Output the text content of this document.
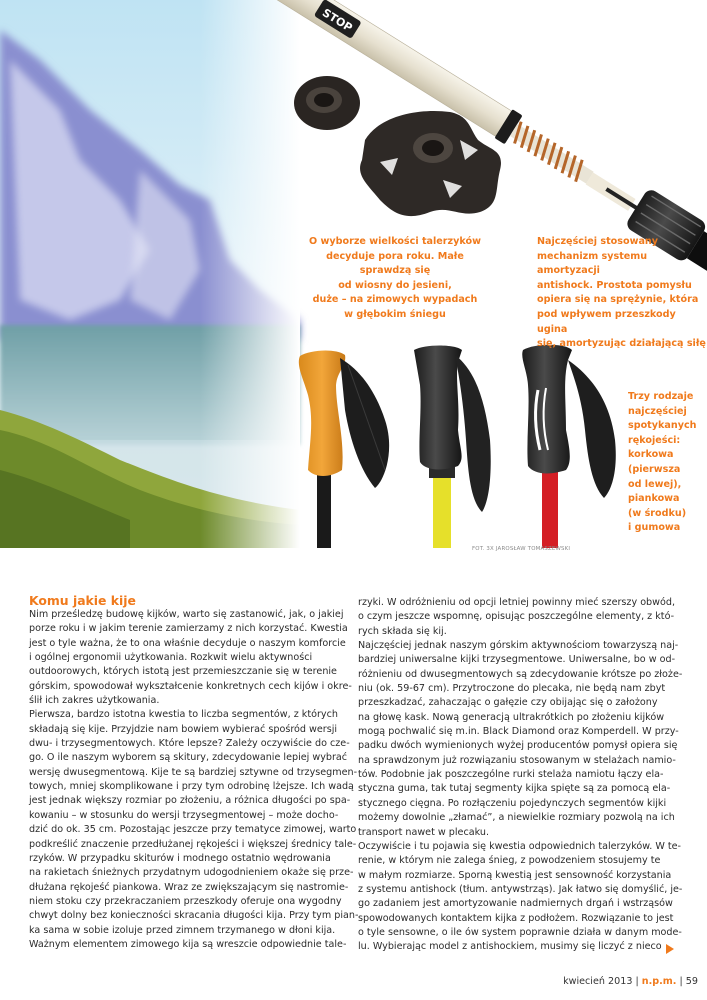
STOP
O wyborze wielkości talerzyków
decyduje pora roku. Małe sprawdzą się
od wiosny do jesieni,
duże – na zimowych wypadach
w głębokim śniegu
Najczęściej stosowany
mechanizm systemu amortyzacji
antishock. Prostota pomysłu
opiera się na sprężynie, która
pod wpływem przeszkody ugina
się, amortyzując działającą siłę
Trzy rodzaje
najczęściej
spotykanych
rękojeści:
korkowa
(pierwsza
od lewej),
piankowa
(w środku)
i gumowa
FOT. 3X JAROSŁAW TOMASZEWSKI
Komu jakie kije
Nim prześledzę budowę kijków, warto się zastanowić, jak, o jakiej
porze roku i w jakim terenie zamierzamy z nich korzystać. Kwestia
jest o tyle ważna, że to ona właśnie decyduje o naszym komforcie
i ogólnej ergonomii użytkowania. Rozkwit wielu aktywności
outdoorowych, których istotą jest przemieszczanie się w terenie
górskim, spowodował wykształcenie konkretnych cech kijów i okre-
ślił ich zakres użytkowania.
Pierwsza, bardzo istotna kwestia to liczba segmentów, z których
składają się kije. Przyjdzie nam bowiem wybierać spośród wersji
dwu- i trzysegmentowych. Które lepsze? Zależy oczywiście do cze-
go. O ile naszym wyborem są skitury, zdecydowanie lepiej wybrać
wersję dwusegmentową. Kije te są bardziej sztywne od trzysegmen-
towych, mniej skomplikowane i przy tym odrobinę lżejsze. Ich wadą
jest jednak większy rozmiar po złożeniu, a różnica długości po spa-
kowaniu – w stosunku do wersji trzysegmentowej – może docho-
dzić do ok. 35 cm. Pozostając jeszcze przy tematyce zimowej, warto
podkreślić znaczenie przedłużanej rękojeści i większej średnicy tale-
rzyków. W przypadku skiturów i modnego ostatnio wędrowania
na rakietach śnieżnych przydatnym udogodnieniem okaże się prze-
dłużana rękojeść piankowa. Wraz ze zwiększającym się nastromie-
niem stoku czy przekraczaniem przeszkody oferuje ona wygodny
chwyt dolny bez konieczności skracania długości kija. Przy tym pian-
ka sama w sobie izoluje przed zimnem trzymanego w dłoni kija.
Ważnym elementem zimowego kija są wreszcie odpowiednie tale-
rzyki. W odróżnieniu od opcji letniej powinny mieć szerszy obwód,
o czym jeszcze wspomnę, opisując poszczególne elementy, z któ-
rych składa się kij.
Najczęściej jednak naszym górskim aktywnościom towarzyszą naj-
bardziej uniwersalne kijki trzysegmentowe. Uniwersalne, bo w od-
różnieniu od dwusegmentowych są zdecydowanie krótsze po złoże-
niu (ok. 59-67 cm). Przytroczone do plecaka, nie będą nam zbyt
przeszkadzać, zahaczając o gałęzie czy obijając się o założony
na głowę kask. Nową generacją ultrakrótkich po złożeniu kijków
mogą pochwalić się m.in. Black Diamond oraz Komperdell. W przy-
padku dwóch wymienionych wyżej producentów pomysł opiera się
na sprawdzonym już rozwiązaniu stosowanym w stelażach namio-
tów. Podobnie jak poszczególne rurki stelaża namiotu łączy ela-
styczna guma, tak tutaj segmenty kijka spięte są za pomocą ela-
stycznego cięgna. Po rozłączeniu pojedynczych segmentów kijki
możemy dowolnie „złamać”, a niewielkie rozmiary pozwolą na ich
transport nawet w plecaku.
Oczywiście i tu pojawia się kwestia odpowiednich talerzyków. W te-
renie, w którym nie zalega śnieg, z powodzeniem stosujemy te
w małym rozmiarze. Sporną kwestią jest sensowność korzystania
z systemu antishock (tłum. antywstrząs). Jak łatwo się domyślić, je-
go zadaniem jest amortyzowanie nadmiernych drgań i wstrząsów
spowodowanych kontaktem kijka z podłożem. Rozwiązanie to jest
o tyle sensowne, o ile ów system poprawnie działa w danym mode-
lu. Wybierając model z antishockiem, musimy się liczyć z nieco
kwiecień 2013 | n.p.m. | 59
